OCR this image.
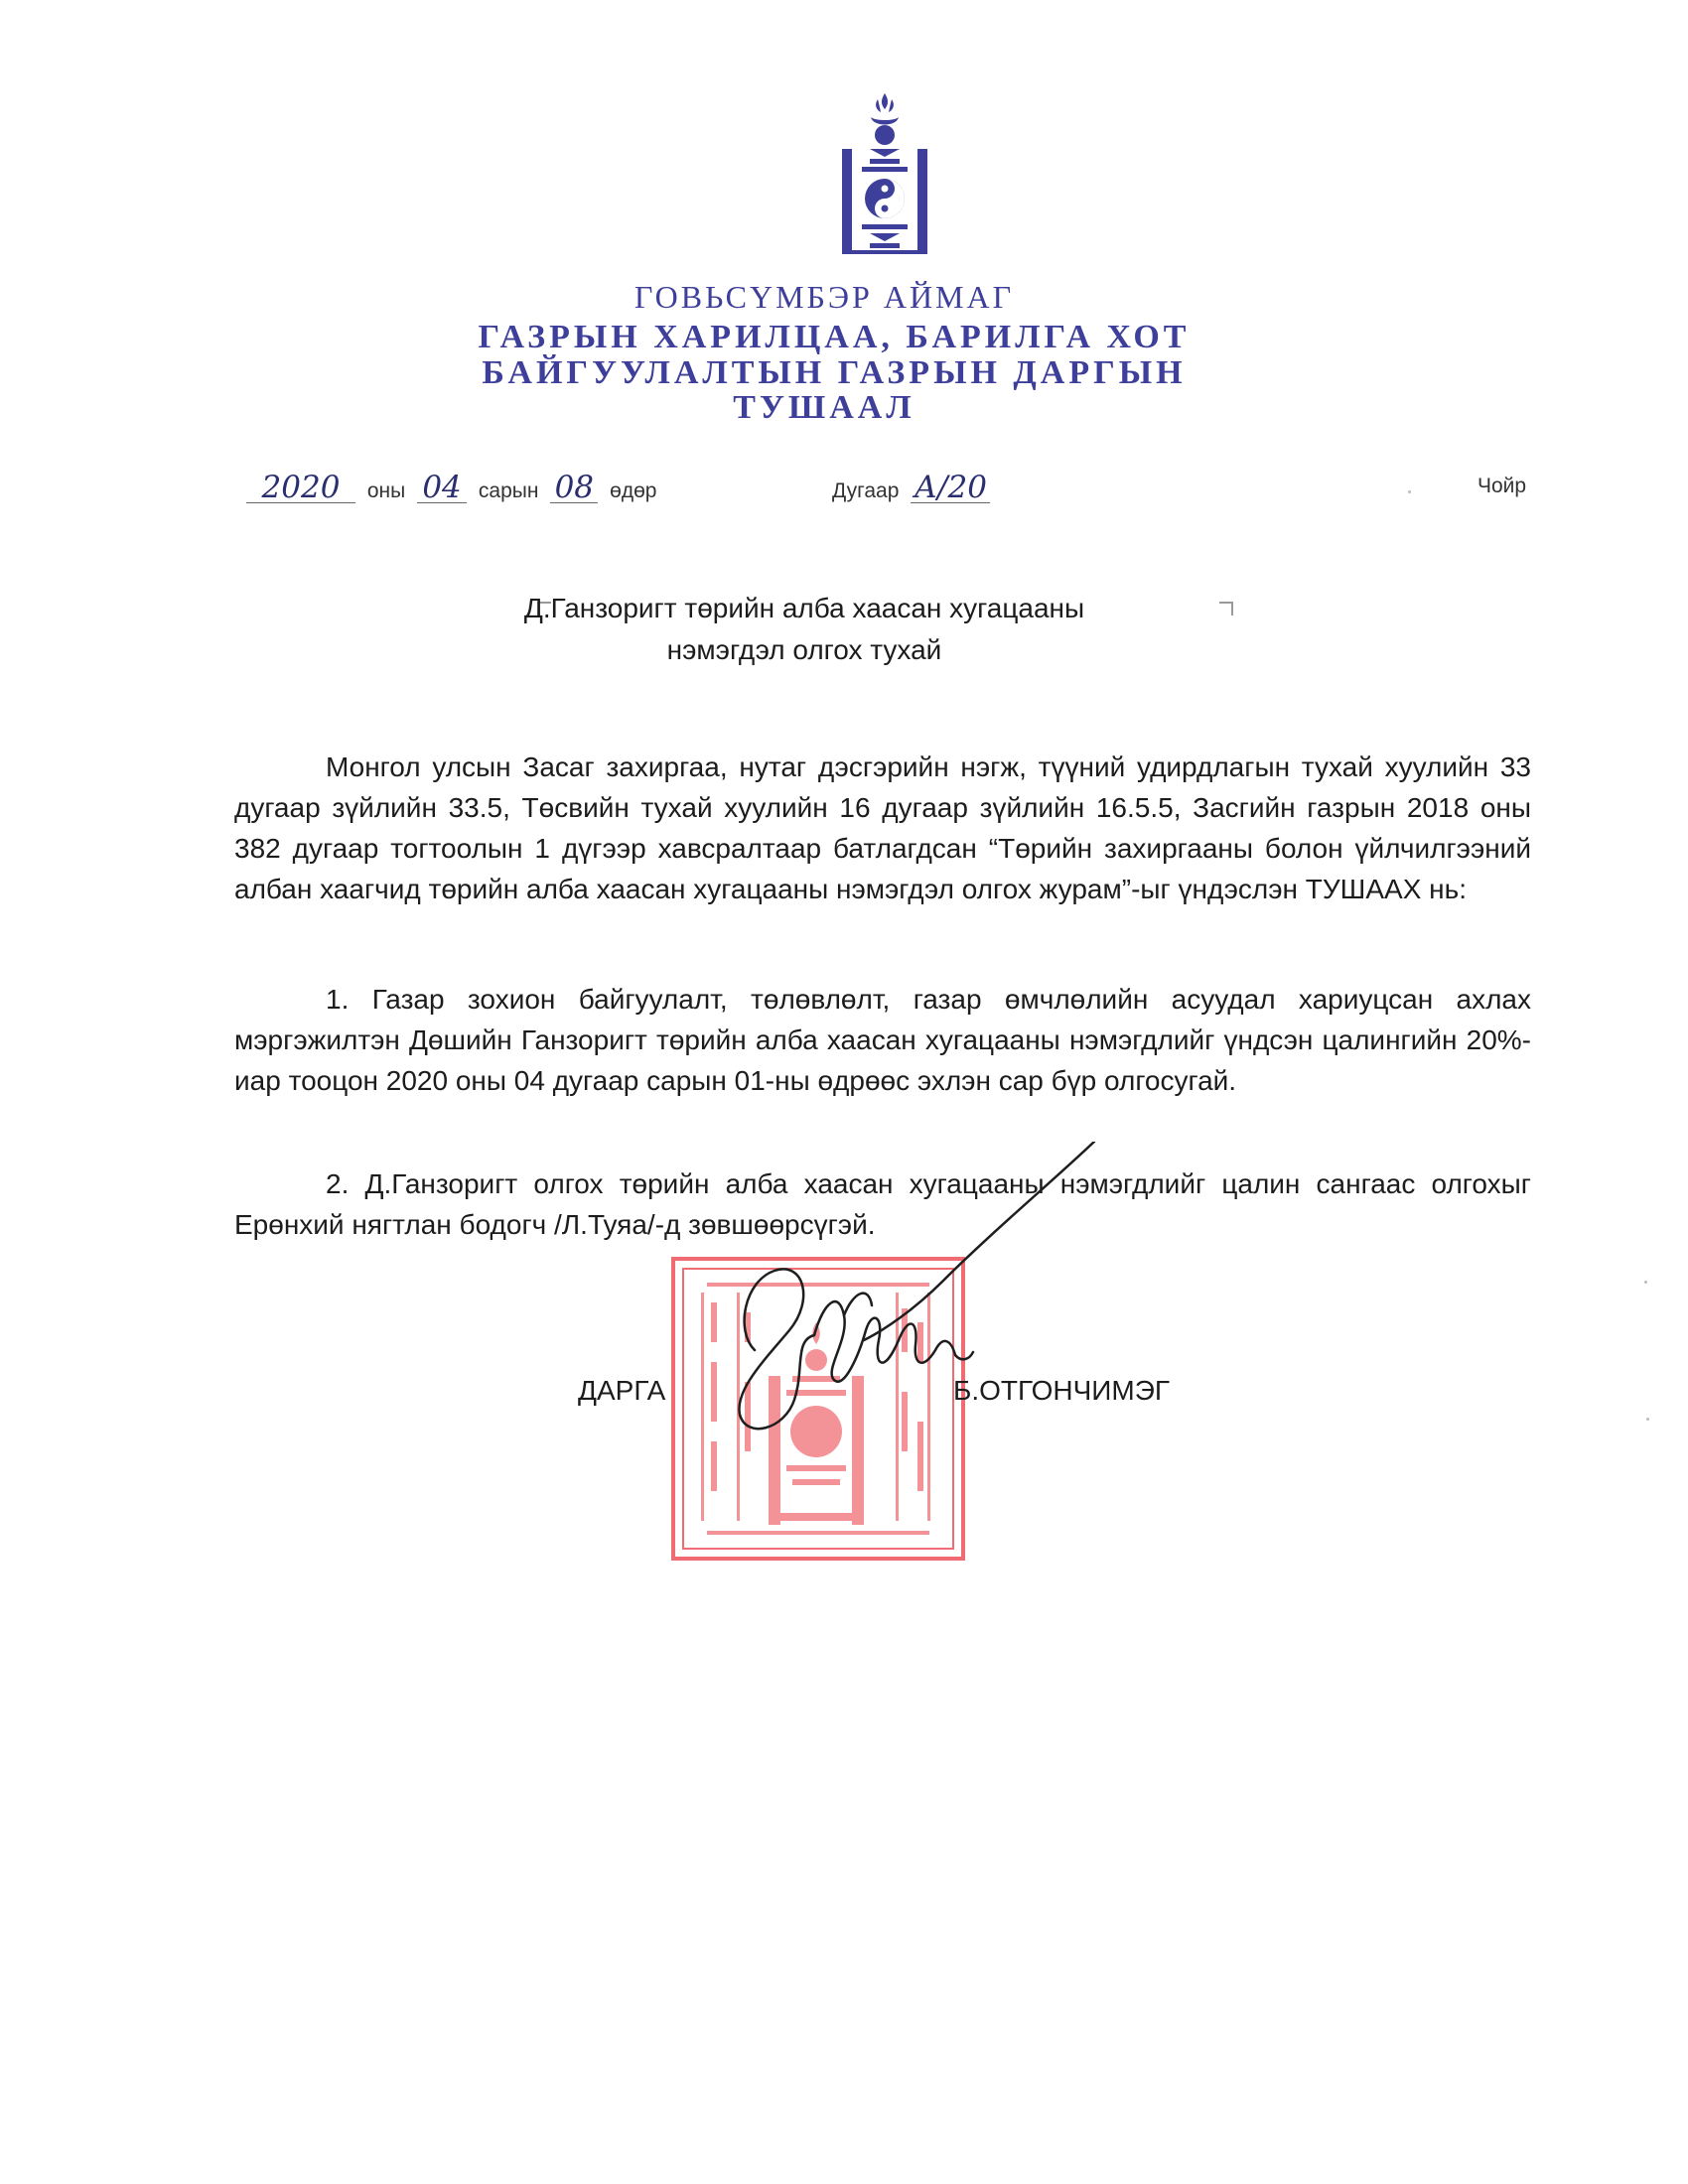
ГОВЬСҮМБЭР АЙМАГ
ГАЗРЫН ХАРИЛЦАА, БАРИЛГА ХОТ
БАЙГУУЛАЛТЫН ГАЗРЫН ДАРГЫН
ТУШААЛ
2020 оны 04 сарын 08 өдөр	Дугаар А/20	Чойр
Д.Ганзоригт төрийн алба хаасан хугацааны
нэмэгдэл олгох тухай
Монгол улсын Засаг захиргаа, нутаг дэсгэрийн нэгж, түүний удирдлагын тухай хуулийн 33 дугаар зүйлийн 33.5, Төсвийн тухай хуулийн 16 дугаар зүйлийн 16.5.5, Засгийн газрын 2018 оны 382 дугаар тогтоолын 1 дүгээр хавсралтаар батлагдсан “Төрийн захиргааны болон үйлчилгээний албан хаагчид төрийн алба хаасан хугацааны нэмэгдэл олгох журам”-ыг үндэслэн ТУШААХ нь:
1. Газар зохион байгуулалт, төлөвлөлт, газар өмчлөлийн асуудал хариуцсан ахлах мэргэжилтэн Дөшийн Ганзоригт төрийн алба хаасан хугацааны нэмэгдлийг үндсэн цалингийн 20%-иар тооцон 2020 оны 04 дугаар сарын 01-ны өдрөөс эхлэн сар бүр олгосугай.
2. Д.Ганзоригт олгох төрийн алба хаасан хугацааны нэмэгдлийг цалин сангаас олгохыг Ерөнхий нягтлан бодогч /Л.Туяа/-д зөвшөөрсүгэй.
ДАРГА	Б.ОТГОНЧИМЭГ
